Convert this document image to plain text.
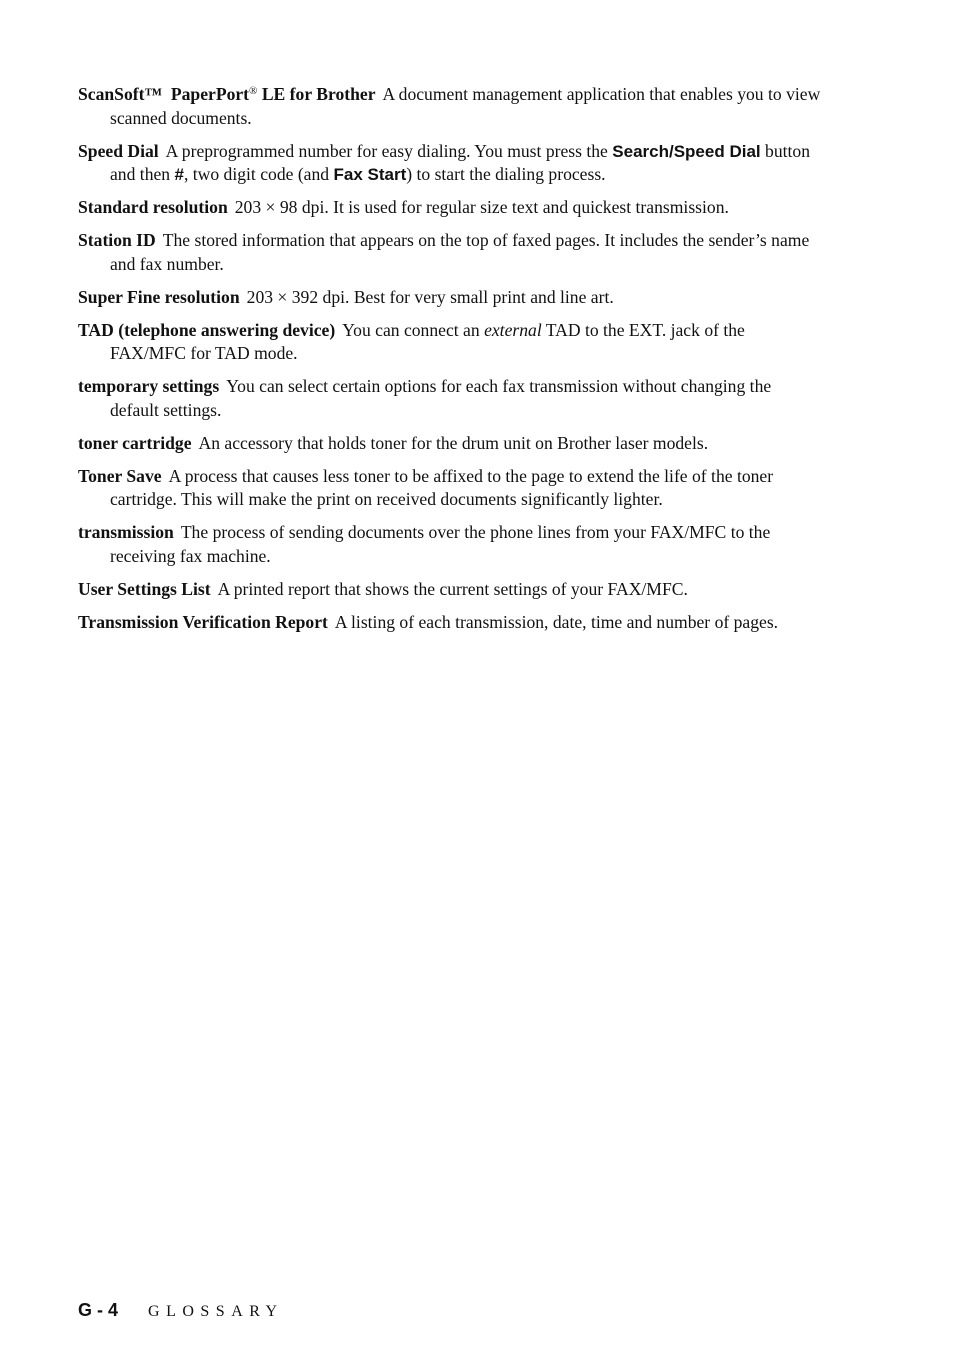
ScanSoft™ PaperPort® LE for Brother A document management application that enables you to view scanned documents.

Speed Dial A preprogrammed number for easy dialing. You must press the Search/Speed Dial button and then #, two digit code (and Fax Start) to start the dialing process.

Standard resolution 203 × 98 dpi. It is used for regular size text and quickest transmission.

Station ID The stored information that appears on the top of faxed pages. It includes the sender’s name and fax number.

Super Fine resolution 203 × 392 dpi. Best for very small print and line art.

TAD (telephone answering device) You can connect an external TAD to the EXT. jack of the FAX/MFC for TAD mode.

temporary settings You can select certain options for each fax transmission without changing the default settings.

toner cartridge An accessory that holds toner for the drum unit on Brother laser models.

Toner Save A process that causes less toner to be affixed to the page to extend the life of the toner cartridge. This will make the print on received documents significantly lighter.

transmission The process of sending documents over the phone lines from your FAX/MFC to the receiving fax machine.

User Settings List A printed report that shows the current settings of your FAX/MFC.

Transmission Verification Report A listing of each transmission, date, time and number of pages.

G - 4 GLOSSARY
